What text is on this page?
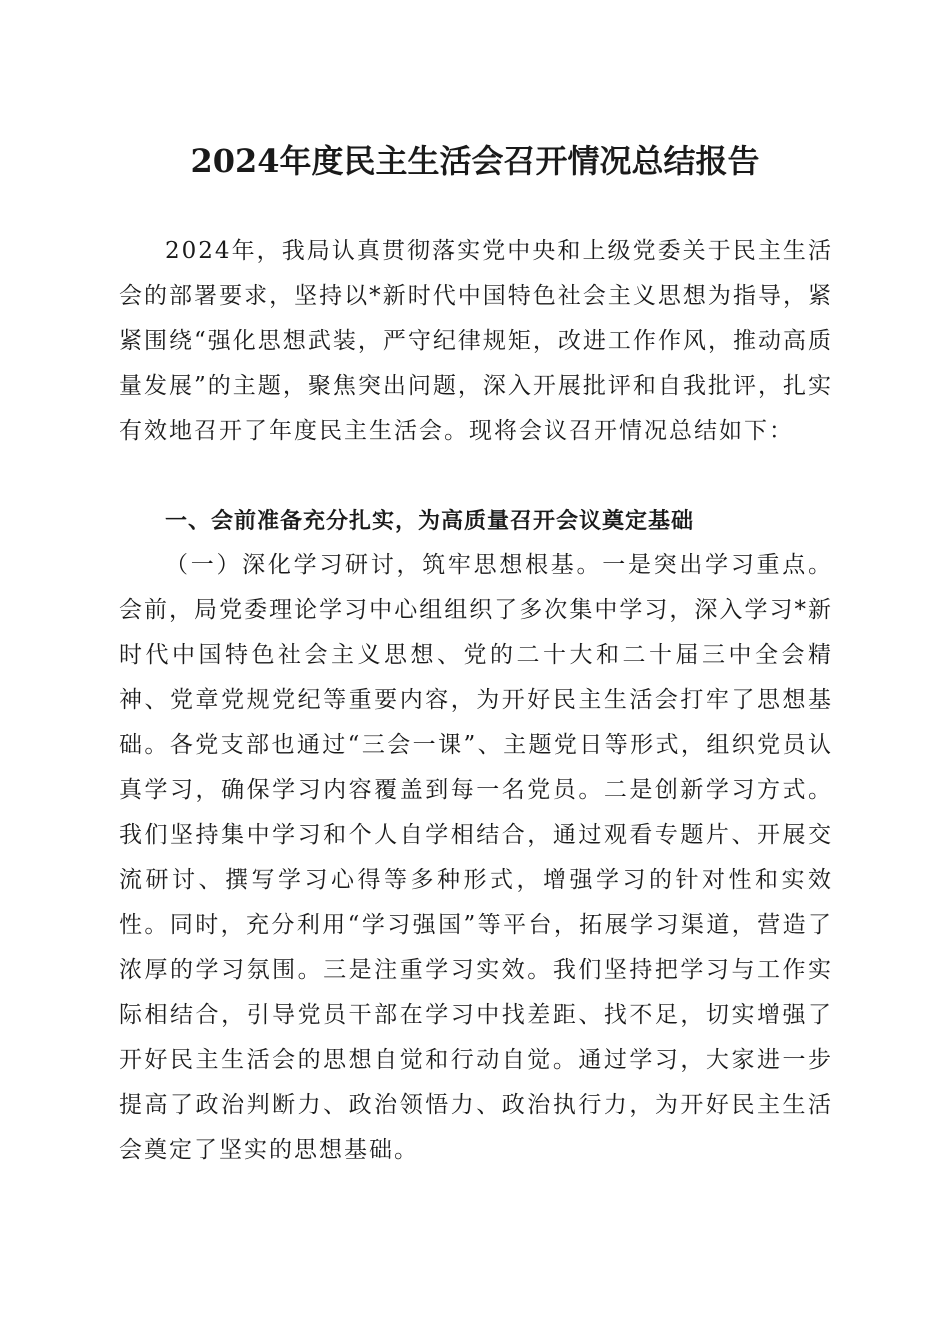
2024年度民主生活会召开情况总结报告

2024年，我局认真贯彻落实党中央和上级党委关于民主生活会的部署要求，坚持以*新时代中国特色社会主义思想为指导，紧紧围绕“强化思想武装，严守纪律规矩，改进工作作风，推动高质量发展”的主题，聚焦突出问题，深入开展批评和自我批评，扎实有效地召开了年度民主生活会。现将会议召开情况总结如下：

一、会前准备充分扎实，为高质量召开会议奠定基础

（一）深化学习研讨，筑牢思想根基。一是突出学习重点。会前，局党委理论学习中心组组织了多次集中学习，深入学习*新时代中国特色社会主义思想、党的二十大和二十届三中全会精神、党章党规党纪等重要内容，为开好民主生活会打牢了思想基础。各党支部也通过“三会一课”、主题党日等形式，组织党员认真学习，确保学习内容覆盖到每一名党员。二是创新学习方式。我们坚持集中学习和个人自学相结合，通过观看专题片、开展交流研讨、撰写学习心得等多种形式，增强学习的针对性和实效性。同时，充分利用“学习强国”等平台，拓展学习渠道，营造了浓厚的学习氛围。三是注重学习实效。我们坚持把学习与工作实际相结合，引导党员干部在学习中找差距、找不足，切实增强了开好民主生活会的思想自觉和行动自觉。通过学习，大家进一步提高了政治判断力、政治领悟力、政治执行力，为开好民主生活会奠定了坚实的思想基础。
